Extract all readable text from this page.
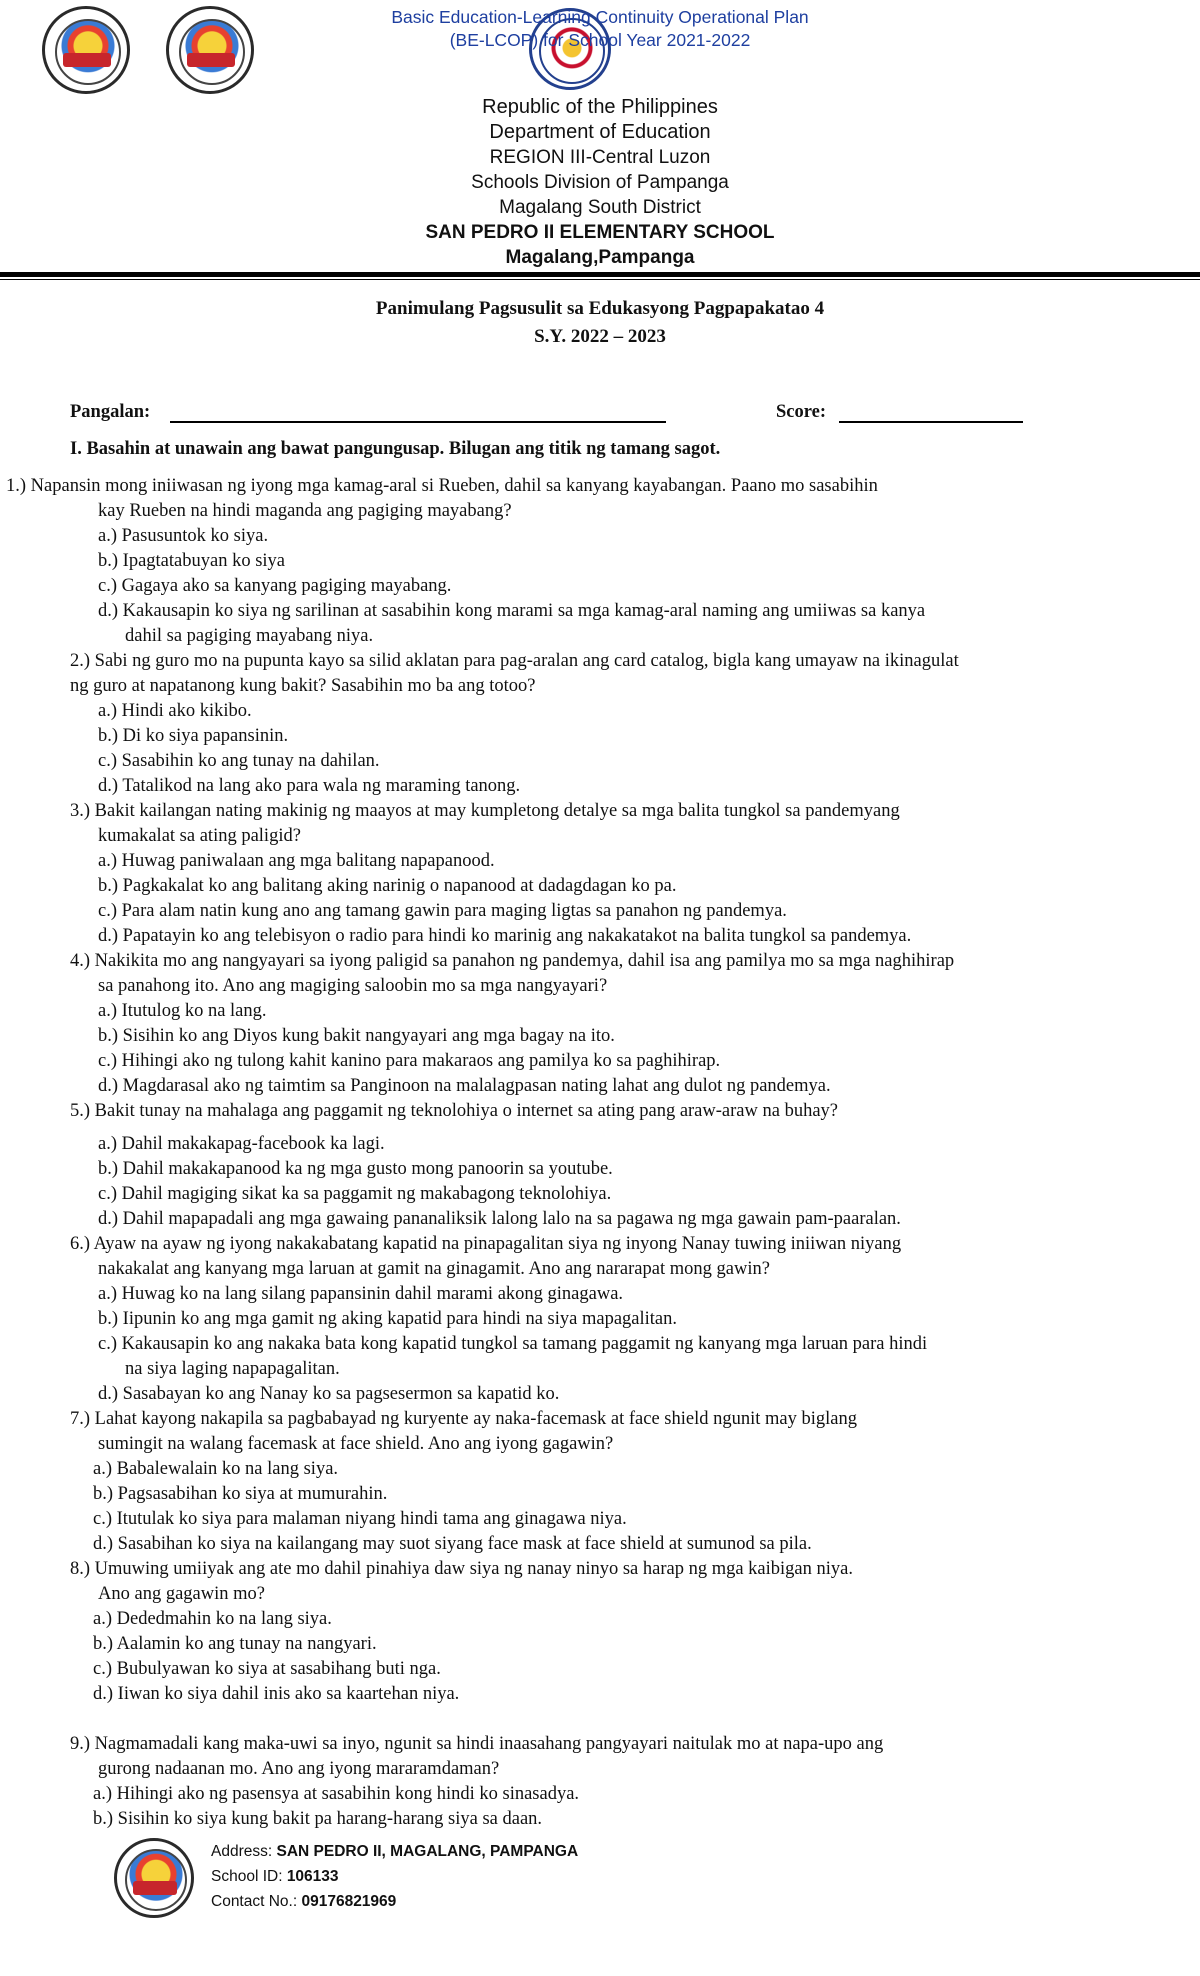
Basic Education-Learning Continuity Operational Plan
(BE-LCOP) for School Year 2021-2022
Republic of the Philippines
Department of Education
REGION III-Central Luzon
Schools Division of Pampanga
Magalang South District
SAN PEDRO II ELEMENTARY SCHOOL
Magalang,Pampanga
Panimulang Pagsusulit sa Edukasyong Pagpapakatao 4
S.Y. 2022 – 2023
Pangalan:	Score:
I. Basahin at unawain ang bawat pangungusap. Bilugan ang titik ng tamang sagot.
1.) Napansin mong iniiwasan ng iyong mga kamag-aral si Rueben, dahil sa kanyang kayabangan. Paano mo sasabihin
kay Rueben na hindi maganda ang pagiging mayabang?
a.) Pasusuntok ko siya.
b.) Ipagtatabuyan ko siya
c.) Gagaya ako sa kanyang pagiging mayabang.
d.) Kakausapin ko siya ng sarilinan at sasabihin kong marami sa mga kamag-aral naming ang umiiwas sa kanya
dahil sa pagiging mayabang niya.
2.) Sabi ng guro mo na pupunta kayo sa silid aklatan para pag-aralan ang card catalog, bigla kang umayaw na ikinagulat
ng guro at napatanong kung bakit? Sasabihin mo ba ang totoo?
a.) Hindi ako kikibo.
b.) Di ko siya papansinin.
c.) Sasabihin ko ang tunay na dahilan.
d.) Tatalikod na lang ako para wala ng maraming tanong.
3.) Bakit kailangan nating makinig ng maayos at may kumpletong detalye sa mga balita tungkol sa pandemyang
kumakalat sa ating paligid?
a.) Huwag paniwalaan ang mga balitang napapanood.
b.) Pagkakalat ko ang balitang aking narinig o napanood at dadagdagan ko pa.
c.) Para alam natin kung ano ang tamang gawin para maging ligtas sa panahon ng pandemya.
d.) Papatayin ko ang telebisyon o radio para hindi ko marinig ang nakakatakot na balita tungkol sa pandemya.
4.) Nakikita mo ang nangyayari sa iyong paligid sa panahon ng pandemya, dahil isa ang pamilya mo sa mga naghihirap
sa panahong ito. Ano ang magiging saloobin mo sa mga nangyayari?
a.) Itutulog ko na lang.
b.) Sisihin ko ang Diyos kung bakit nangyayari ang mga bagay na ito.
c.) Hihingi ako ng tulong kahit kanino para makaraos ang pamilya ko sa paghihirap.
d.) Magdarasal ako ng taimtim sa Panginoon na malalagpasan nating lahat ang dulot ng pandemya.
5.) Bakit tunay na mahalaga ang paggamit ng teknolohiya o internet sa ating pang araw-araw na buhay?
a.) Dahil makakapag-facebook ka lagi.
b.) Dahil makakapanood ka ng mga gusto mong panoorin sa youtube.
c.) Dahil magiging sikat ka sa paggamit ng makabagong teknolohiya.
d.) Dahil mapapadali ang mga gawaing pananaliksik lalong lalo na sa pagawa ng mga gawain pam-paaralan.
6.) Ayaw na ayaw ng iyong nakakabatang kapatid na pinapagalitan siya ng inyong Nanay tuwing iniiwan niyang
nakakalat ang kanyang mga laruan at gamit na ginagamit. Ano ang nararapat mong gawin?
a.) Huwag ko na lang silang papansinin dahil marami akong ginagawa.
b.) Iipunin ko ang mga gamit ng aking kapatid para hindi na siya mapagalitan.
c.) Kakausapin ko ang nakaka bata kong kapatid tungkol sa tamang paggamit ng kanyang mga laruan para hindi
na siya laging napapagalitan.
d.) Sasabayan ko ang Nanay ko sa pagsesermon sa kapatid ko.
7.) Lahat kayong nakapila sa pagbabayad ng kuryente ay naka-facemask at face shield ngunit may biglang
sumingit na walang facemask at face shield. Ano ang iyong gagawin?
a.) Babalewalain ko na lang siya.
b.) Pagsasabihan ko siya at mumurahin.
c.) Itutulak ko siya para malaman niyang hindi tama ang ginagawa niya.
d.) Sasabihan ko siya na kailangang may suot siyang face mask at face shield at sumunod sa pila.
8.) Umuwing umiiyak ang ate mo dahil pinahiya daw siya ng nanay ninyo sa harap ng mga kaibigan niya.
Ano ang gagawin mo?
a.) Dededmahin ko na lang siya.
b.) Aalamin ko ang tunay na nangyari.
c.) Bubulyawan ko siya at sasabihang buti nga.
d.) Iiwan ko siya dahil inis ako sa kaartehan niya.
9.) Nagmamadali kang maka-uwi sa inyo, ngunit sa hindi inaasahang pangyayari naitulak mo at napa-upo ang
gurong nadaanan mo. Ano ang iyong mararamdaman?
a.) Hihingi ako ng pasensya at sasabihin kong hindi ko sinasadya.
b.) Sisihin ko siya kung bakit pa harang-harang siya sa daan.
Address: SAN PEDRO II, MAGALANG, PAMPANGA
School ID: 106133
Contact No.: 09176821969
